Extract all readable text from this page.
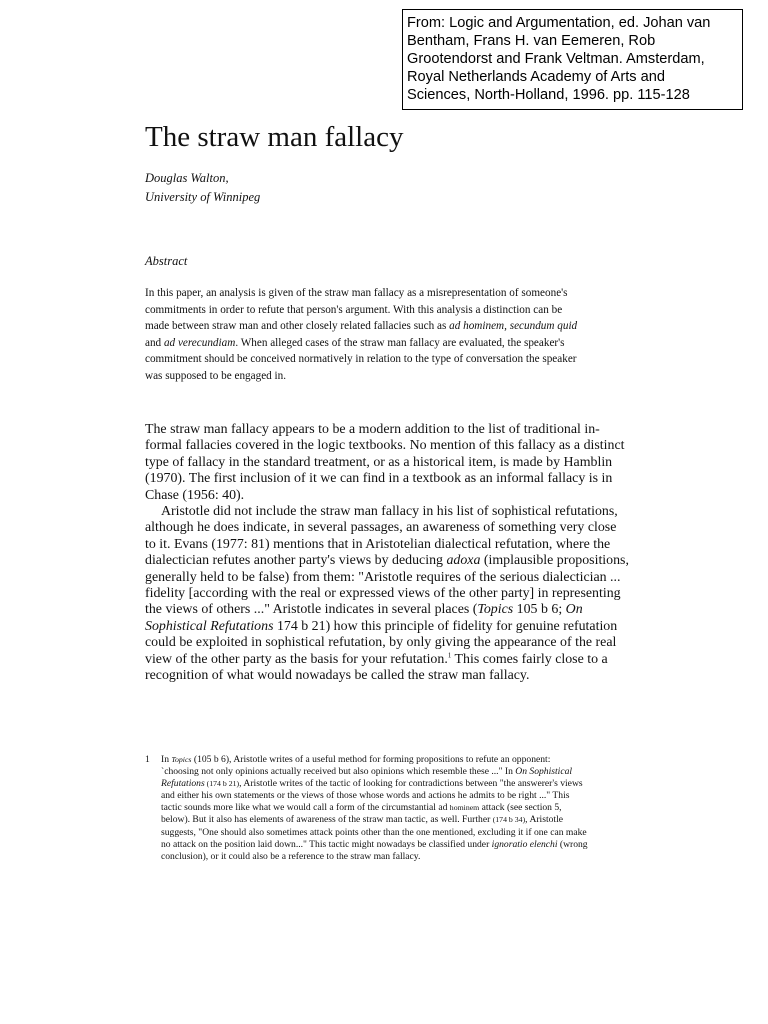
From: Logic and Argumentation, ed. Johan van
Bentham, Frans H. van Eemeren, Rob
Grootendorst and Frank Veltman. Amsterdam,
Royal Netherlands Academy of Arts and
Sciences, North-Holland, 1996. pp. 115-128
The straw man fallacy
Douglas Walton,
University of Winnipeg
Abstract
In this paper, an analysis is given of the straw man fallacy as a misrepresentation of someone's
commitments in order to refute that person's argument. With this analysis a distinction can be
made between straw man and other closely related fallacies such as ad hominem, secundum quid
and ad verecundiam. When alleged cases of the straw man fallacy are evaluated, the speaker's
commitment should be conceived normatively in relation to the type of conversation the speaker
was supposed to be engaged in.
The straw man fallacy appears to be a modern addition to the list of traditional in-
formal fallacies covered in the logic textbooks. No mention of this fallacy as a distinct
type of fallacy in the standard treatment, or as a historical item, is made by Hamblin
(1970). The first inclusion of it we can find in a textbook as an informal fallacy is in
Chase (1956: 40).
Aristotle did not include the straw man fallacy in his list of sophistical refutations,
although he does indicate, in several passages, an awareness of something very close
to it. Evans (1977: 81) mentions that in Aristotelian dialectical refutation, where the
dialectician refutes another party's views by deducing adoxa (implausible propositions,
generally held to be false) from them: "Aristotle requires of the serious dialectician ...
fidelity [according with the real or expressed views of the other party] in representing
the views of others ..." Aristotle indicates in several places (Topics 105 b 6; On
Sophistical Refutations 174 b 21) how this principle of fidelity for genuine refutation
could be exploited in sophistical refutation, by only giving the appearance of the real
view of the other party as the basis for your refutation.$^1$ This comes fairly close to a
recognition of what would nowadays be called the straw man fallacy.
1 In Topics (105 b 6), Aristotle writes of a useful method for forming propositions to refute an opponent:
`choosing not only opinions actually received but also opinions which resemble these ..." In On Sophistical
Refutations (174 b 21), Aristotle writes of the tactic of looking for contradictions between "the answerer's views
and either his own statements or the views of those whose words and actions he admits to be right ..." This
tactic sounds more like what we would call a form of the circumstantial ad hominem attack (see section 5,
below). But it also has elements of awareness of the straw man tactic, as well. Further (174 b 34), Aristotle
suggests, "One should also sometimes attack points other than the one mentioned, excluding it if one can make
no attack on the position laid down..." This tactic might nowadays be classified under ignoratio elenchi (wrong
conclusion), or it could also be a reference to the straw man fallacy.
